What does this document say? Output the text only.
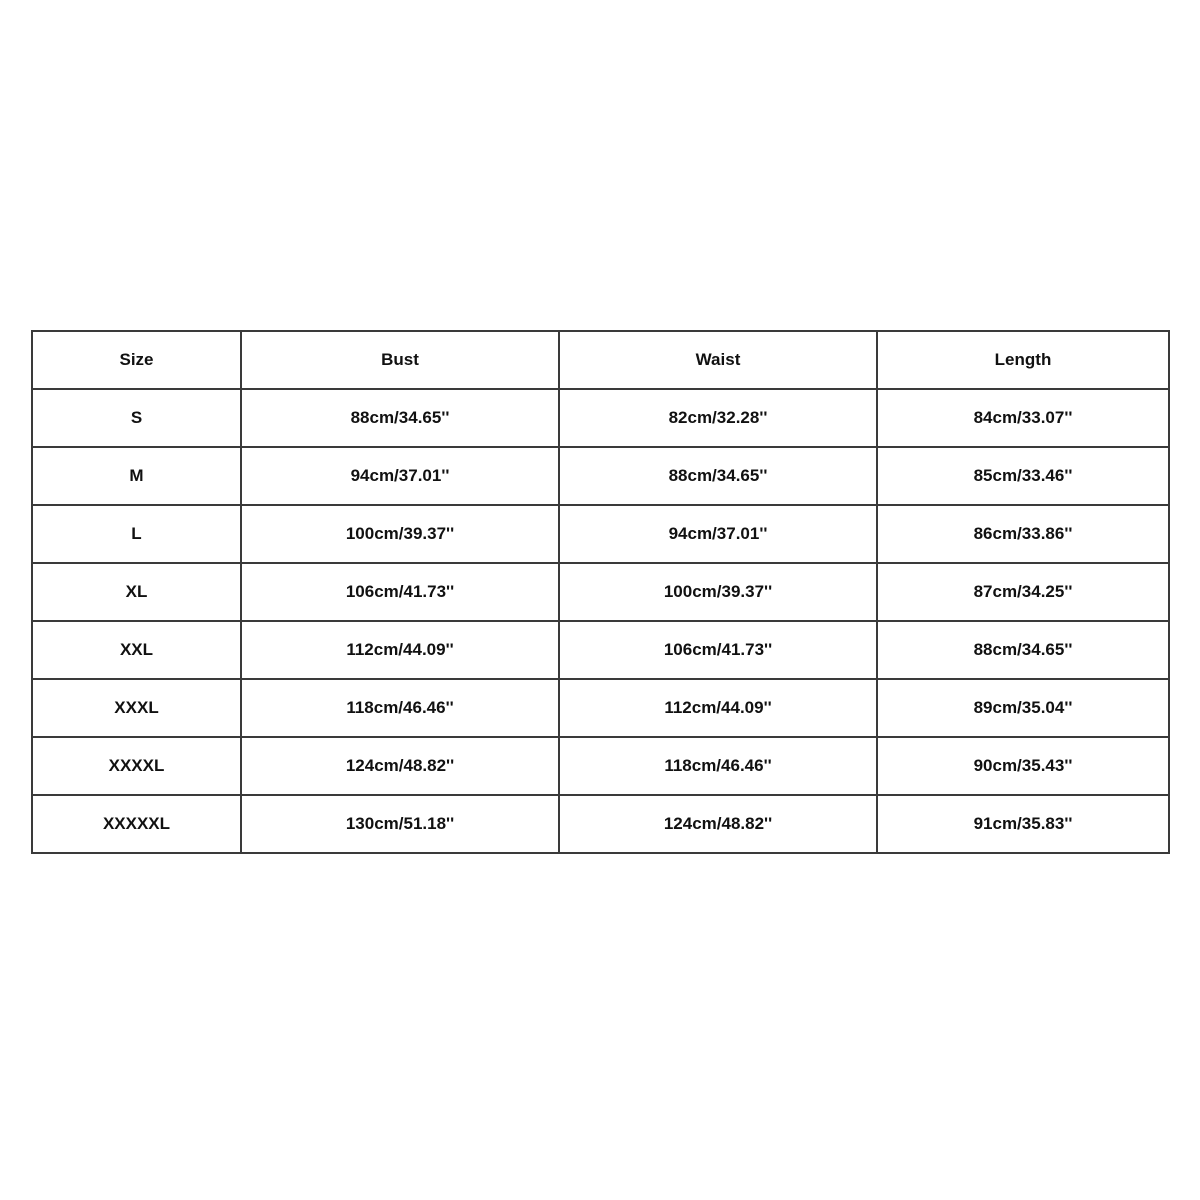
Size	Bust	Waist	Length
S	88cm/34.65''	82cm/32.28''	84cm/33.07''
M	94cm/37.01''	88cm/34.65''	85cm/33.46''
L	100cm/39.37''	94cm/37.01''	86cm/33.86''
XL	106cm/41.73''	100cm/39.37''	87cm/34.25''
XXL	112cm/44.09''	106cm/41.73''	88cm/34.65''
XXXL	118cm/46.46''	112cm/44.09''	89cm/35.04''
XXXXL	124cm/48.82''	118cm/46.46''	90cm/35.43''
XXXXXL	130cm/51.18''	124cm/48.82''	91cm/35.83''
